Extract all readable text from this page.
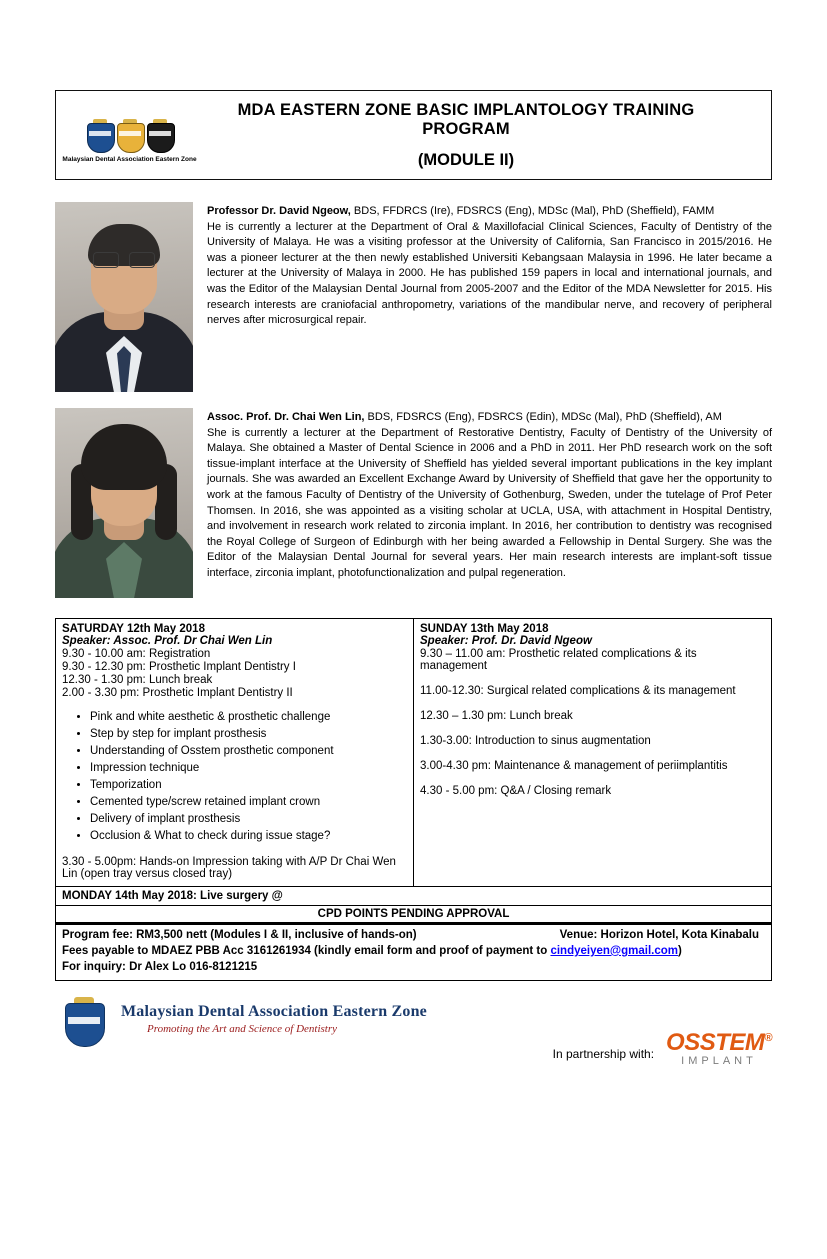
Malaysian Dental Association Eastern Zone
MDA EASTERN ZONE BASIC IMPLANTOLOGY TRAINING PROGRAM
(MODULE II)
Professor Dr. David Ngeow, BDS, FFDRCS (Ire), FDSRCS (Eng), MDSc (Mal), PhD (Sheffield), FAMM
He is currently a lecturer at the Department of Oral & Maxillofacial Clinical Sciences, Faculty of Dentistry of the University of Malaya. He was a visiting professor at the University of California, San Francisco in 2015/2016. He was a pioneer lecturer at the then newly established Universiti Kebangsaan Malaysia in 1996. He later became a lecturer at the University of Malaya in 2000. He has published 159 papers in local and international journals, and was the Editor of the Malaysian Dental Journal from 2005-2007 and the Editor of the MDA Newsletter for 2015. His research interests are craniofacial anthropometry, variations of the mandibular nerve, and recovery of peripheral nerves after microsurgical repair.
Assoc. Prof. Dr. Chai Wen Lin, BDS, FDSRCS (Eng), FDSRCS (Edin), MDSc (Mal), PhD (Sheffield), AM
She is currently a lecturer at the Department of Restorative Dentistry, Faculty of Dentistry of the University of Malaya. She obtained a Master of Dental Science in 2006 and a PhD in 2011. Her PhD research work on the soft tissue-implant interface at the University of Sheffield has yielded several important publications in the key implant journals. She was awarded an Excellent Exchange Award by University of Sheffield that gave her the opportunity to work at the famous Faculty of Dentistry of the University of Gothenburg, Sweden, under the tutelage of Prof Peter Thomsen. In 2016, she was appointed as a visiting scholar at UCLA, USA, with attachment in Hospital Dentistry, and involvement in research work related to zirconia implant. In 2016, her contribution to dentistry was recognised the Royal College of Surgeon of Edinburgh with her being awarded a Fellowship in Dental Surgery. She was the Editor of the Malaysian Dental Journal for several years. Her main research interests are implant-soft tissue interface, zirconia implant, photofunctionalization and pulpal regeneration.
SATURDAY 12th May 2018
Speaker: Assoc. Prof. Dr Chai Wen Lin
9.30 - 10.00 am: Registration
9.30 - 12.30 pm: Prosthetic Implant Dentistry I
12.30 - 1.30 pm: Lunch break
2.00 - 3.30 pm: Prosthetic Implant Dentistry II
• Pink and white aesthetic & prosthetic challenge
• Step by step for implant prosthesis
• Understanding of Osstem prosthetic component
• Impression technique
• Temporization
• Cemented type/screw retained implant crown
• Delivery of implant prosthesis
• Occlusion & What to check during issue stage?
3.30 - 5.00pm: Hands-on Impression taking with A/P Dr Chai Wen Lin (open tray versus closed tray)

SUNDAY 13th May 2018
Speaker: Prof. Dr. David Ngeow
9.30 – 11.00 am: Prosthetic related complications & its management
11.00-12.30: Surgical related complications & its management
12.30 – 1.30 pm: Lunch break
1.30-3.00: Introduction to sinus augmentation
3.00-4.30 pm: Maintenance & management of periimplantitis
4.30 - 5.00 pm: Q&A / Closing remark

MONDAY 14th May 2018: Live surgery @
CPD POINTS PENDING APPROVAL
Program fee: RM3,500 nett (Modules I & II, inclusive of hands-on)	Venue: Horizon Hotel, Kota Kinabalu
Fees payable to MDAEZ PBB Acc 3161261934 (kindly email form and proof of payment to cindyeiyen@gmail.com)
For inquiry: Dr Alex Lo 016-8121215
Malaysian Dental Association Eastern Zone
Promoting the Art and Science of Dentistry
In partnership with: OSSTEM®
IMPLANT
